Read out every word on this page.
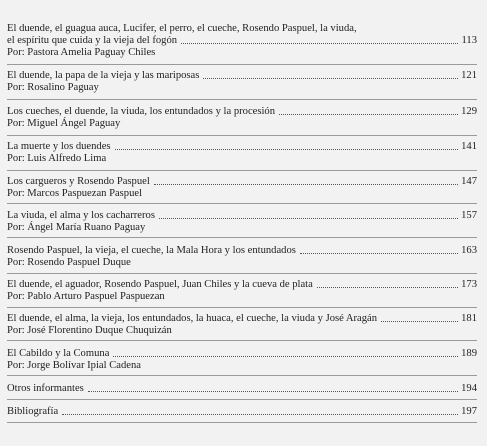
El duende, el guagua auca, Lucifer, el perro, el cueche, Rosendo Paspuel, la viuda,
el espíritu que cuida y la vieja del fogón	113
Por: Pastora Amelia Paguay Chiles
El duende, la papa de la vieja y las mariposas	121
Por: Rosalino Paguay
Los cueches, el duende, la viuda, los entundados y la procesión	129
Por: Miguel Ángel Paguay
La muerte y los duendes	141
Por: Luis Alfredo Lima
Los cargueros y Rosendo Paspuel	147
Por: Marcos Paspuezan Paspuel
La viuda, el alma y los cacharreros	157
Por: Ángel María Ruano Paguay
Rosendo Paspuel, la vieja, el cueche, la Mala Hora y los entundados	163
Por: Rosendo Paspuel Duque
El duende, el aguador, Rosendo Paspuel, Juan Chiles y la cueva de plata	173
Por: Pablo Arturo Paspuel Paspuezan
El duende, el alma, la vieja, los entundados, la huaca, el cueche, la viuda y José Aragán	181
Por: José Florentino Duque Chuquizán
El Cabildo y la Comuna	189
Por: Jorge Bolívar Ipial Cadena
Otros informantes	194
Bibliografía	197
